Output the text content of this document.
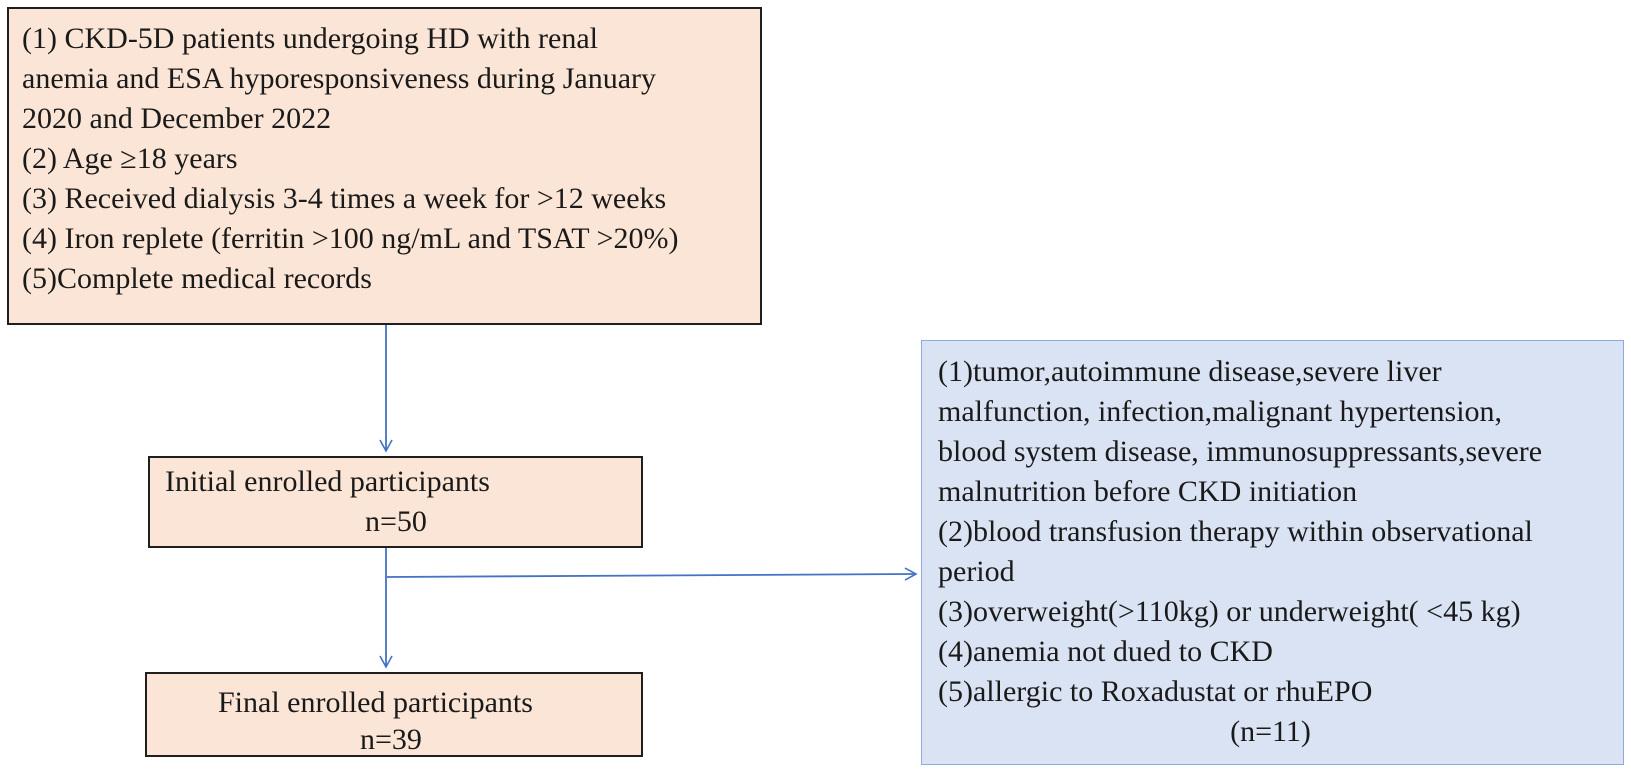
(1) CKD-5D patients undergoing HD with renal
anemia and ESA hyporesponsiveness during January
2020 and December 2022
(2) Age ≥18 years
(3) Received dialysis 3-4 times a week for >12 weeks
(4) Iron replete (ferritin >100 ng/mL and TSAT >20%)
(5)Complete medical records
Initial enrolled participants
n=50
Final enrolled participants
n=39
(1)tumor,autoimmune disease,severe liver
malfunction, infection,malignant hypertension,
blood system disease, immunosuppressants,severe
malnutrition before CKD initiation
(2)blood transfusion therapy within observational
period
(3)overweight(>110kg) or underweight( <45 kg)
(4)anemia not dued to CKD
(5)allergic to Roxadustat or rhuEPO
(n=11)
